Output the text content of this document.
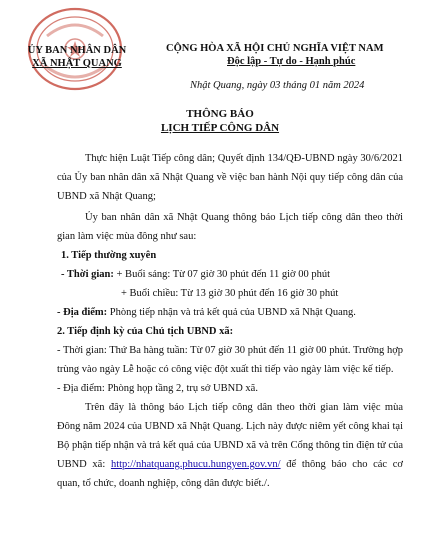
ỦY BAN NHÂN DÂN
XÃ NHẬT QUANG
CỘNG HÒA XÃ HỘI CHỦ NGHĨA VIỆT NAM
Độc lập - Tự do - Hạnh phúc
Nhật Quang, ngày 03 tháng 01 năm 2024
THÔNG BÁO
LỊCH TIẾP CÔNG DÂN
Thực hiện Luật Tiếp công dân; Quyết định 134/QĐ-UBND ngày 30/6/2021 của Ủy ban nhân dân xã Nhật Quang về việc ban hành Nội quy tiếp công dân của UBND xã Nhật Quang;
Ủy ban nhân dân xã Nhật Quang thông báo Lịch tiếp công dân theo thời gian làm việc mùa đông như sau:
1. Tiếp thường xuyên
- Thời gian: + Buổi sáng: Từ 07 giờ 30 phút đến 11 giờ 00 phút
+ Buổi chiều: Từ 13 giờ 30 phút đến 16 giờ 30 phút
- Địa điểm: Phòng tiếp nhận và trả kết quả của UBND xã Nhật Quang.
2. Tiếp định kỳ của Chủ tịch UBND xã:
- Thời gian: Thứ Ba hàng tuần: Từ 07 giờ 30 phút đến 11 giờ 00 phút. Trường hợp trùng vào ngày Lễ hoặc có công việc đột xuất thì tiếp vào ngày làm việc kế tiếp.
- Địa điểm: Phòng họp tầng 2, trụ sở UBND xã.
Trên đây là thông báo Lịch tiếp công dân theo thời gian làm việc mùa Đông năm 2024 của UBND xã Nhật Quang. Lịch này được niêm yết công khai tại Bộ phận tiếp nhận và trả kết quả của UBND xã và trên Cổng thông tin điện tử của UBND xã: http://nhatquang.phucu.hungyen.gov.vn/ để thông báo cho các cơ quan, tổ chức, doanh nghiệp, công dân được biết./.
